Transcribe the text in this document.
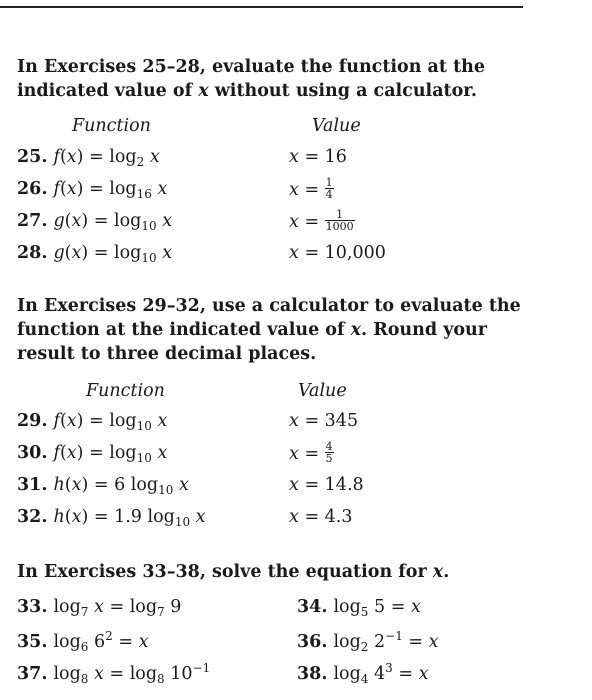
In Exercises 25–28, evaluate the function at the indicated value of x without using a calculator.
Function	Value
25. $f(x) = \log_2 x$	x = 16
26. $f(x) = \log_{16} x$	$x = \frac{1}{4}$
27. $g(x) = \log_{10} x$	$x = \frac{1}{1000}$
28. $g(x) = \log_{10} x$	x = 10,000
In Exercises 29–32, use a calculator to evaluate the function at the indicated value of x. Round your result to three decimal places.
Function	Value
29. $f(x) = \log_{10} x$	x = 345
30. $f(x) = \log_{10} x$	$x = \frac{4}{5}$
31. h(x) = 6 $\log_{10} x$	x = 14.8
32. h(x) = 1.9 $\log_{10} x$	x = 4.3
In Exercises 33–38, solve the equation for x.
33. $\log_7 x = \log_7 9$	34. $\log_5 5 = x$
35. $\log_6 6^2 = x$	36. $\log_2 2^{-1} = x$
37. $\log_8 x = \log_8 10^{-1}$	38. $\log_4 4^3 = x$
